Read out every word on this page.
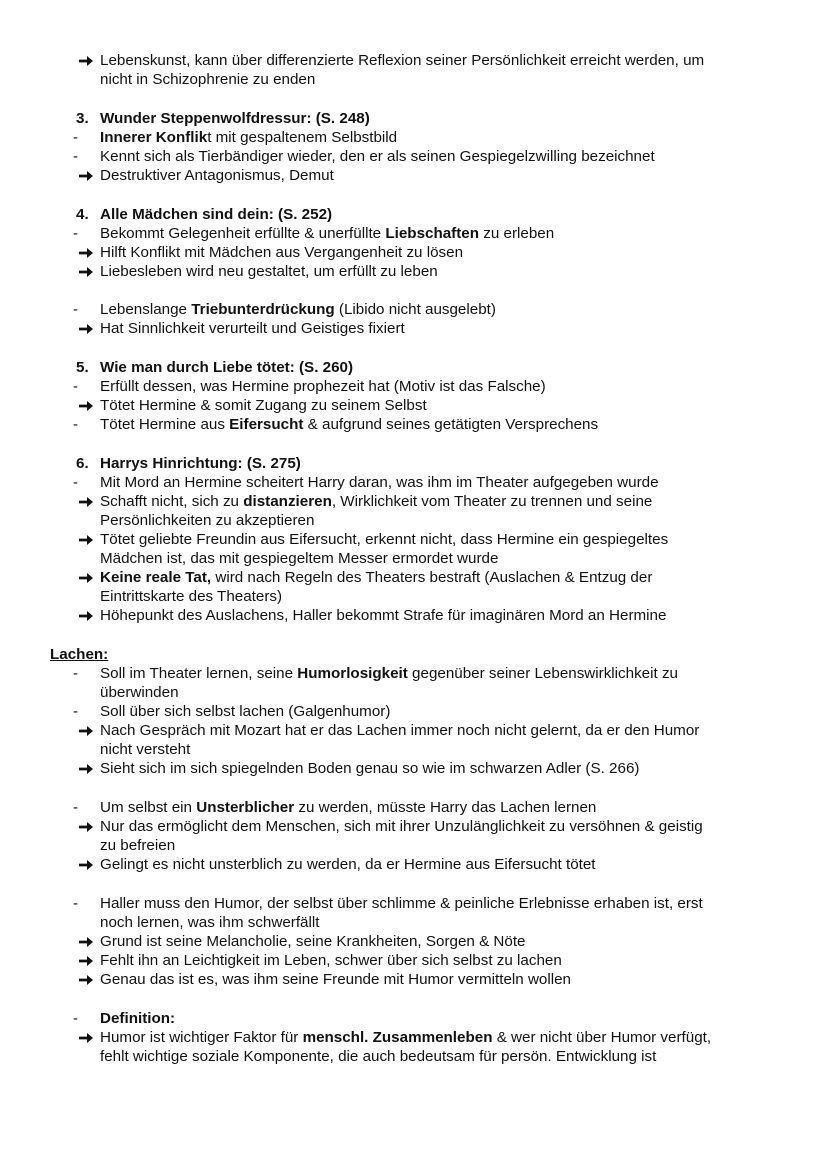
Lachen:
Lebenskunst, kann über differenzierte Reflexion seiner Persönlichkeit erreicht werden, um
nicht in Schizophrenie zu enden
3. Wunder Steppenwolfdressur: (S. 248)
-	Innerer Konflikt mit gespaltenem Selbstbild
-	Kennt sich als Tierbändiger wieder, den er als seinen Gespiegelzwilling bezeichnet
Destruktiver Antagonismus, Demut
4. Alle Mädchen sind dein: (S. 252)
-	Bekommt Gelegenheit erfüllte & unerfüllte Liebschaften zu erleben
Hilft Konflikt mit Mädchen aus Vergangenheit zu lösen
Liebesleben wird neu gestaltet, um erfüllt zu leben
-	Lebenslange Triebunterdrückung (Libido nicht ausgelebt)
Hat Sinnlichkeit verurteilt und Geistiges fixiert
5. Wie man durch Liebe tötet: (S. 260)
-	Erfüllt dessen, was Hermine prophezeit hat (Motiv ist das Falsche)
Tötet Hermine & somit Zugang zu seinem Selbst
-	Tötet Hermine aus Eifersucht & aufgrund seines getätigten Versprechens
6. Harrys Hinrichtung: (S. 275)
-	Mit Mord an Hermine scheitert Harry daran, was ihm im Theater aufgegeben wurde
Schafft nicht, sich zu distanzieren, Wirklichkeit vom Theater zu trennen und seine
Persönlichkeiten zu akzeptieren
Tötet geliebte Freundin aus Eifersucht, erkennt nicht, dass Hermine ein gespiegeltes
Mädchen ist, das mit gespiegeltem Messer ermordet wurde
Keine reale Tat, wird nach Regeln des Theaters bestraft (Auslachen & Entzug der
Eintrittskarte des Theaters)
Höhepunkt des Auslachens, Haller bekommt Strafe für imaginären Mord an Hermine
-	Soll im Theater lernen, seine Humorlosigkeit gegenüber seiner Lebenswirklichkeit zu
überwinden
-	Soll über sich selbst lachen (Galgenhumor)
Nach Gespräch mit Mozart hat er das Lachen immer noch nicht gelernt, da er den Humor
nicht versteht
Sieht sich im sich spiegelnden Boden genau so wie im schwarzen Adler (S. 266)
-	Um selbst ein Unsterblicher zu werden, müsste Harry das Lachen lernen
Nur das ermöglicht dem Menschen, sich mit ihrer Unzulänglichkeit zu versöhnen & geistig
zu befreien
Gelingt es nicht unsterblich zu werden, da er Hermine aus Eifersucht tötet
-	Haller muss den Humor, der selbst über schlimme & peinliche Erlebnisse erhaben ist, erst
noch lernen, was ihm schwerfällt
Grund ist seine Melancholie, seine Krankheiten, Sorgen & Nöte
Fehlt ihn an Leichtigkeit im Leben, schwer über sich selbst zu lachen
Genau das ist es, was ihm seine Freunde mit Humor vermitteln wollen
-	Definition:
Humor ist wichtiger Faktor für menschl. Zusammenleben & wer nicht über Humor verfügt,
fehlt wichtige soziale Komponente, die auch bedeutsam für persön. Entwicklung ist
